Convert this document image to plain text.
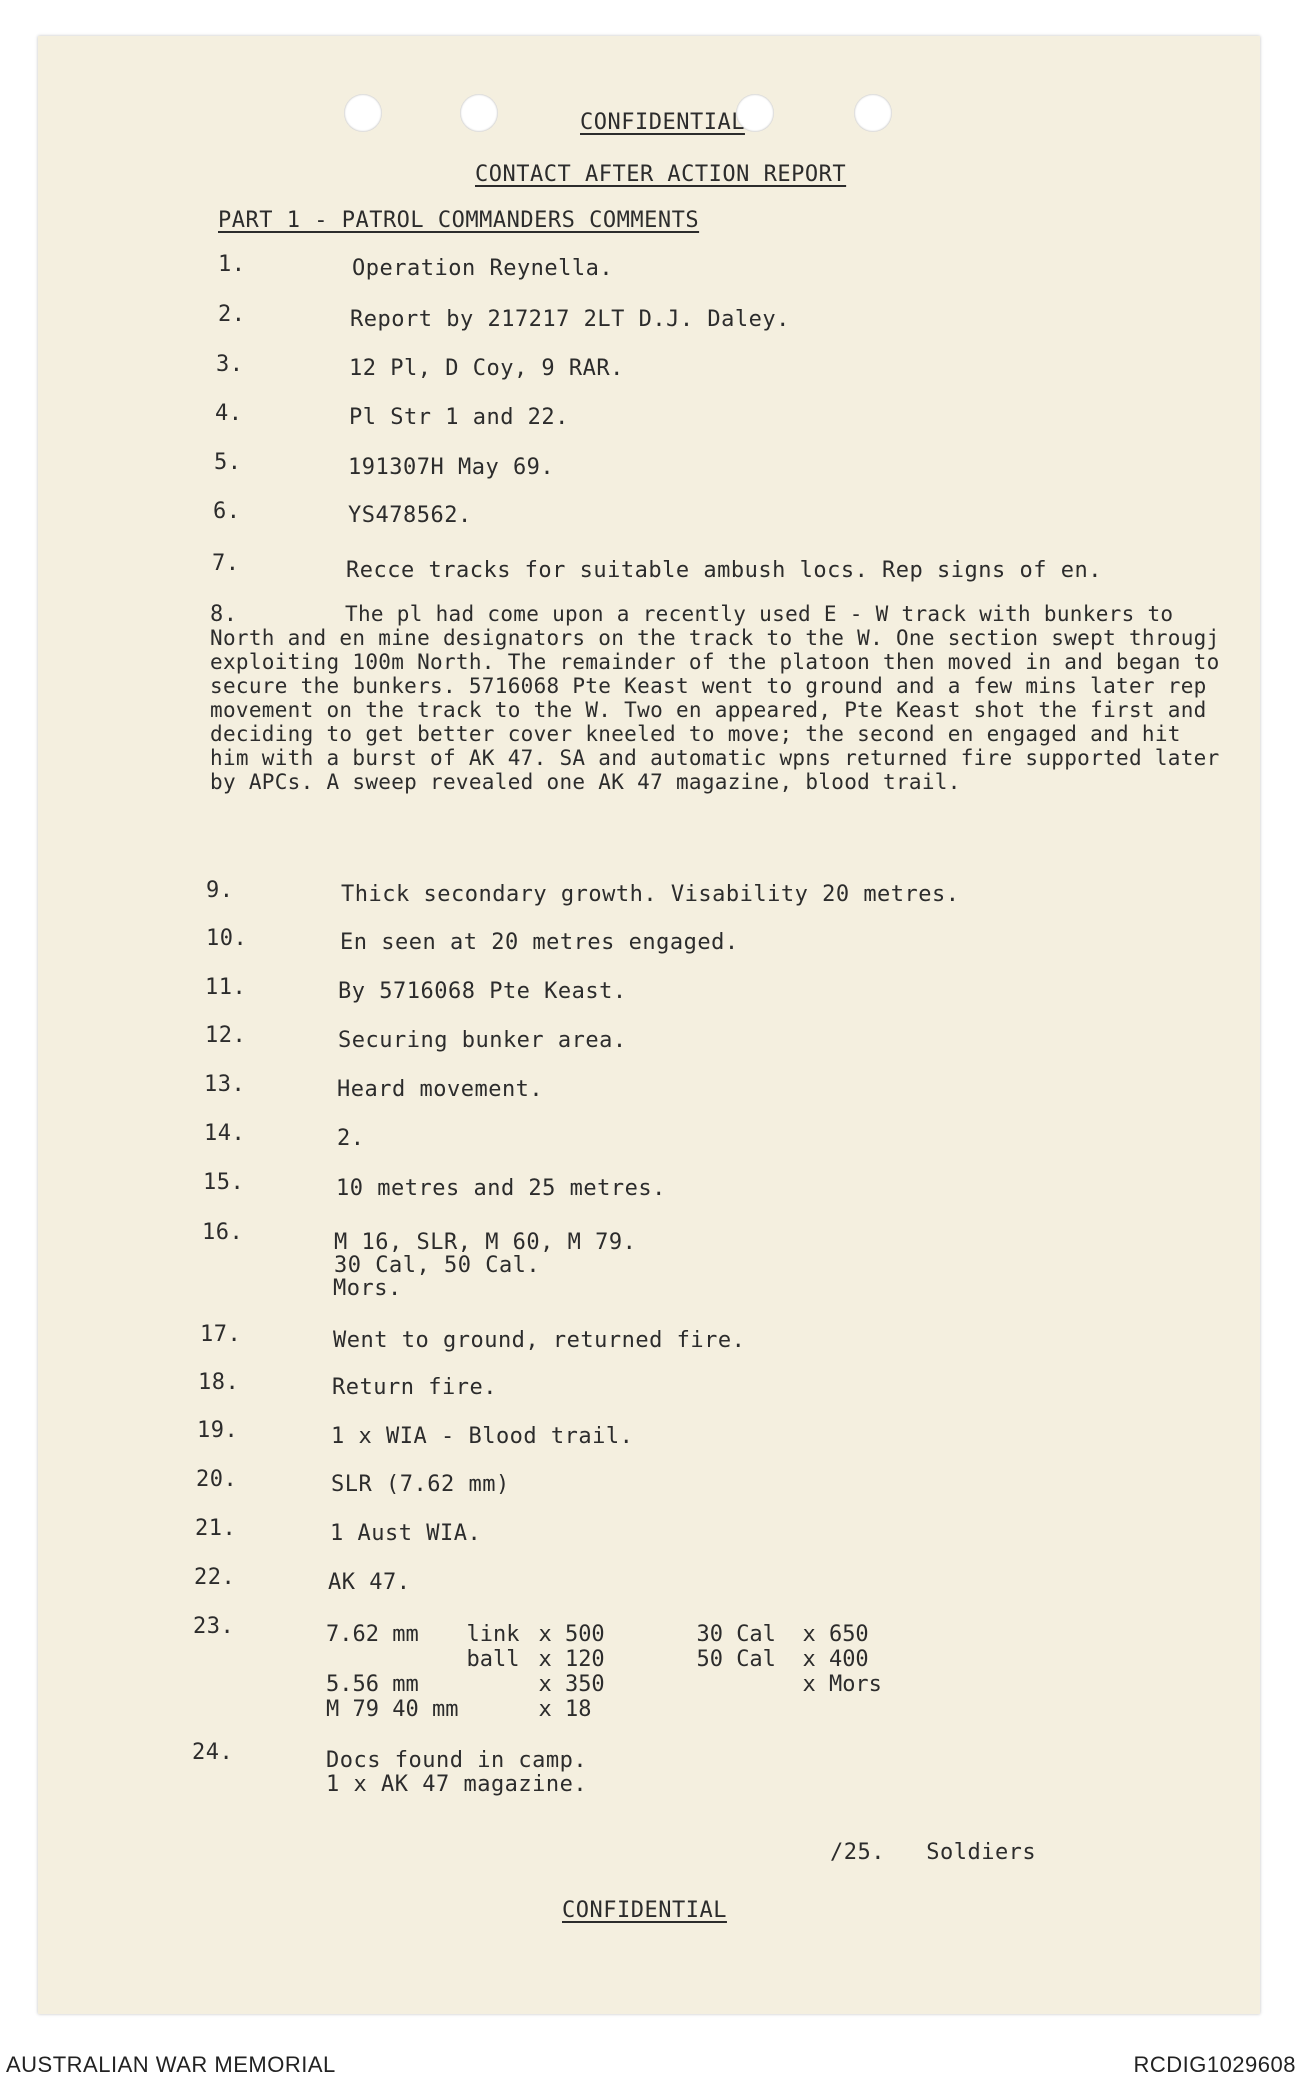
CONFIDENTIAL
CONTACT AFTER ACTION REPORT
PART 1 - PATROL COMMANDERS COMMENTS
1.	Operation Reynella.
2.	Report by 217217 2LT D.J. Daley.
3.	12 Pl, D Coy, 9 RAR.
4.	Pl Str 1 and 22.
5.	191307H May 69.
6.	YS478562.
7.	Recce tracks for suitable ambush locs. Rep signs of en.
8.	The pl had come upon a recently used E - W track with bunkers to North and en mine designators on the track to the W. One section swept througj exploiting 100m North. The remainder of the platoon then moved in and began to secure the bunkers. 5716068 Pte Keast went to ground and a few mins later rep movement on the track to the W. Two en appeared, Pte Keast shot the first and deciding to get better cover kneeled to move; the second en engaged and hit him with a burst of AK 47. SA and automatic wpns returned fire supported later by APCs. A sweep revealed one AK 47 magazine, blood trail.
9.	Thick secondary growth. Visability 20 metres.
10.	En seen at 20 metres engaged.
11.	By 5716068 Pte Keast.
12.	Securing bunker area.
13.	Heard movement.
14.	2.
15.	10 metres and 25 metres.
16.	M 16, SLR, M 60, M 79.
30 Cal, 50 Cal.
Mors.
17.	Went to ground, returned fire.
18.	Return fire.
19.	1 x WIA - Blood trail.
20.	SLR (7.62 mm)
21.	1 Aust WIA.
22.	AK 47.
23.	7.62 mm	link	x 500	30 Cal	x 650
	ball	x 120	50 Cal	x 400
5.56 mm		x 350		x Mors
M 79 40 mm		x 18		
24.	Docs found in camp.
1 x AK 47 magazine.
/25.   Soldiers
CONFIDENTIAL
AUSTRALIAN WAR MEMORIAL	RCDIG1029608
